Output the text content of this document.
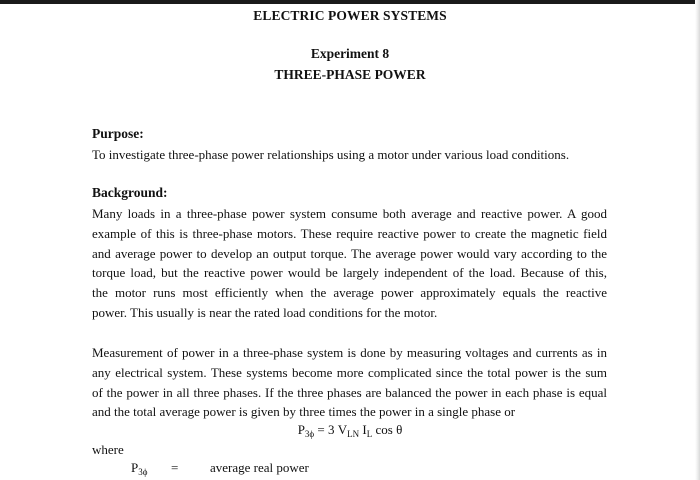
ELECTRIC POWER SYSTEMS
Experiment 8
THREE-PHASE POWER
Purpose:
To investigate three-phase power relationships using a motor under various load conditions.
Background:
Many loads in a three-phase power system consume both average and reactive power. A good
example of this is three-phase motors. These require reactive power to create the magnetic field
and average power to develop an output torque. The average power would vary according to the
torque load, but the reactive power would be largely independent of the load. Because of this,
the motor runs most efficiently when the average power approximately equals the reactive
power. This usually is near the rated load conditions for the motor.
Measurement of power in a three-phase system is done by measuring voltages and currents as in
any electrical system. These systems become more complicated since the total power is the sum
of the power in all three phases. If the three phases are balanced the power in each phase is equal
and the total average power is given by three times the power in a single phase or
$P_{3\phi} = 3$ $V_{LN}$ $I_L$ cos θ
where
$P_{3\phi}$ = average real power
